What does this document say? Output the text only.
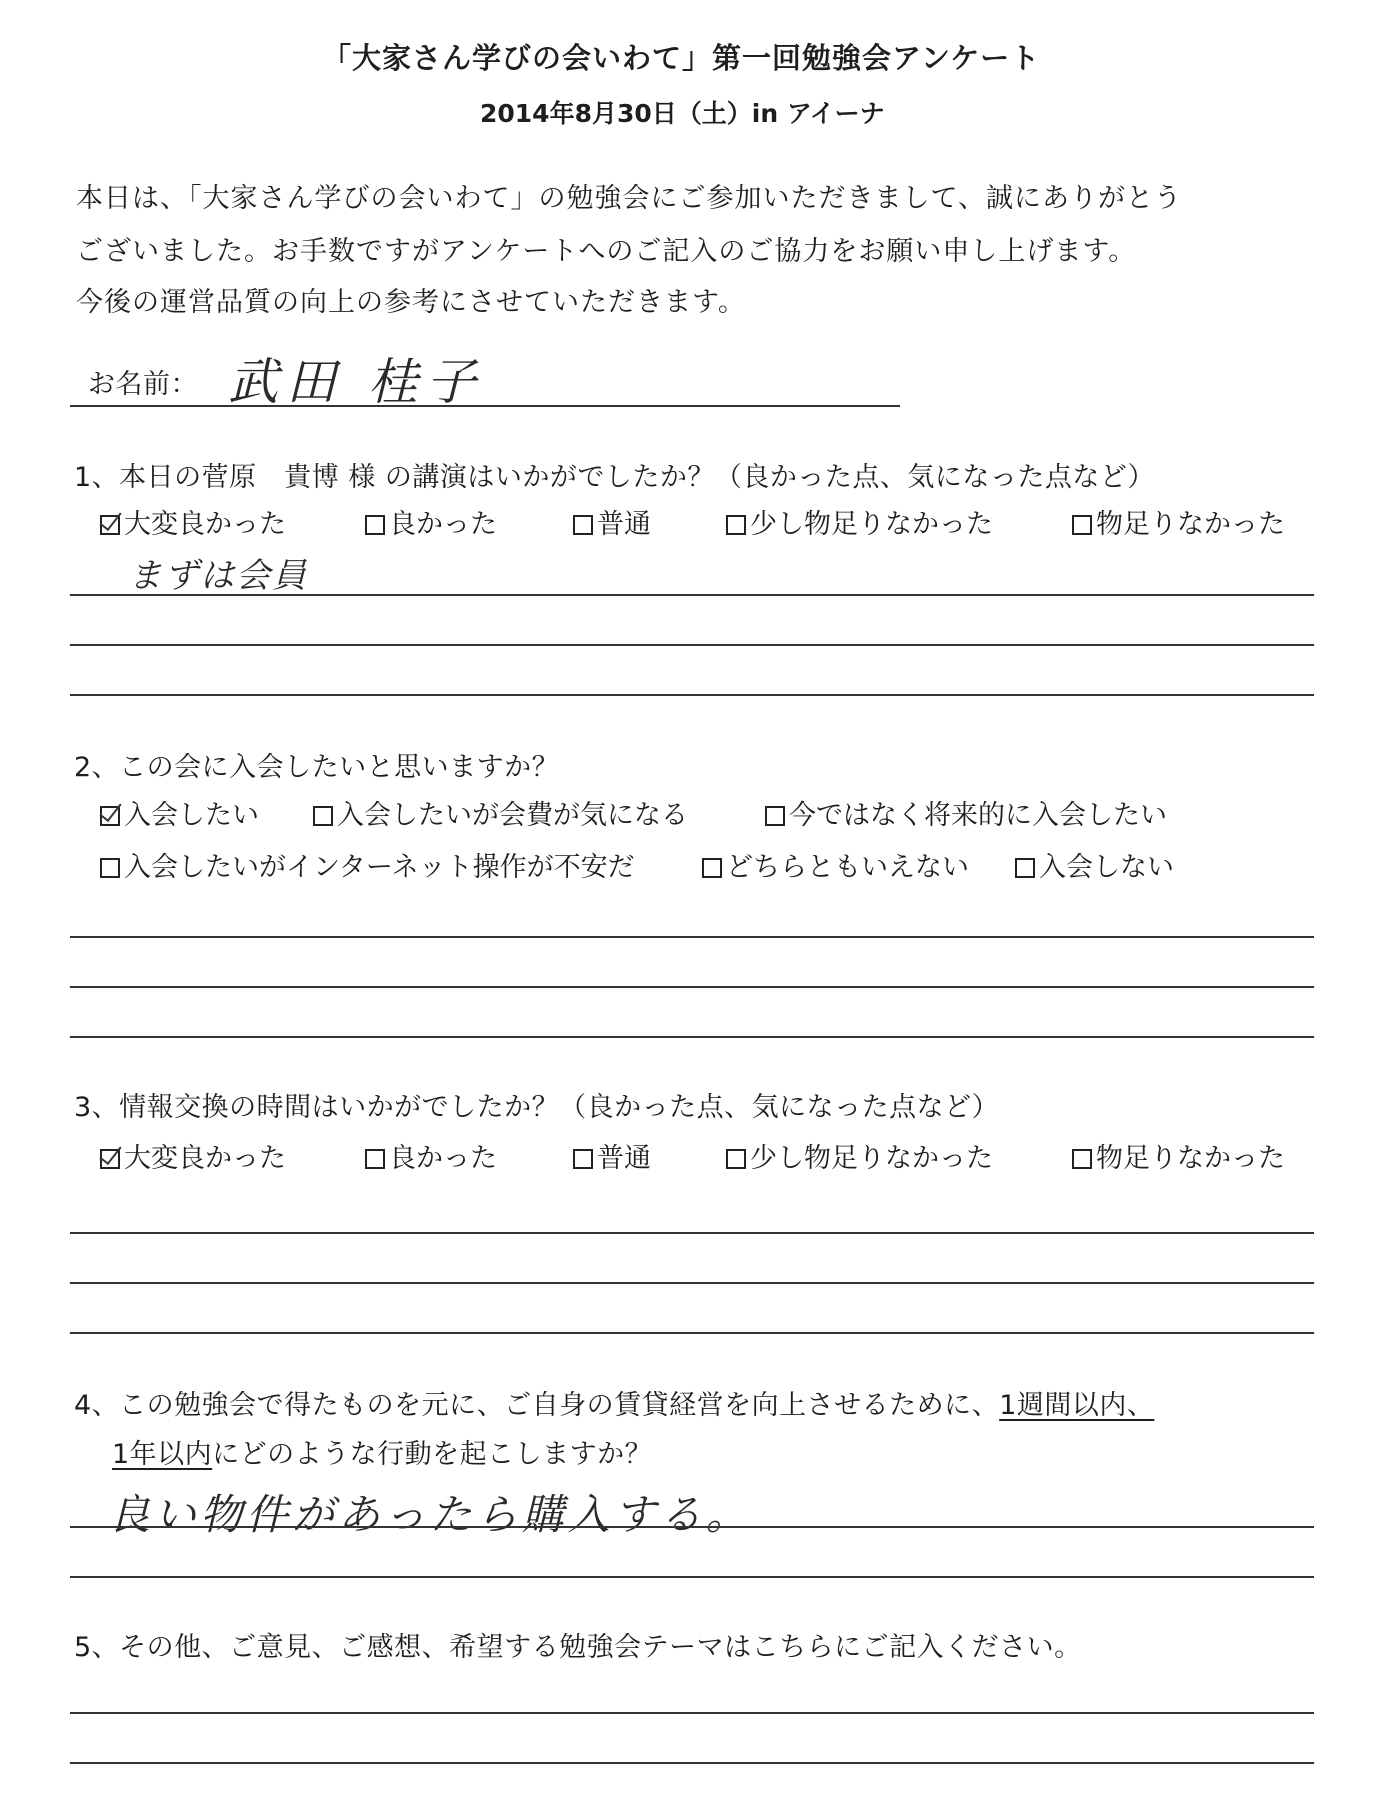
「大家さん学びの会いわて」第一回勉強会アンケート
2014年8月30日（土）in アイーナ
本日は、「大家さん学びの会いわて」の勉強会にご参加いただきまして、誠にありがとう
ございました。お手数ですがアンケートへのご記入のご協力をお願い申し上げます。
今後の運営品質の向上の参考にさせていただきます。
お名前： 武田 桂子
1、本日の菅原　貴博 様 の講演はいかがでしたか？（良かった点、気になった点など）
大変良かった	良かった	普通	少し物足りなかった	物足りなかった
まずは会員
2、この会に入会したいと思いますか？
入会したい	入会したいが会費が気になる	今ではなく将来的に入会したい
入会したいがインターネット操作が不安だ	どちらともいえない	入会しない
3、情報交換の時間はいかがでしたか？（良かった点、気になった点など）
大変良かった	良かった	普通	少し物足りなかった	物足りなかった
4、この勉強会で得たものを元に、ご自身の賃貸経営を向上させるために、1週間以内、
1年以内にどのような行動を起こしますか？
良い物件があったら購入する。
5、その他、ご意見、ご感想、希望する勉強会テーマはこちらにご記入ください。
